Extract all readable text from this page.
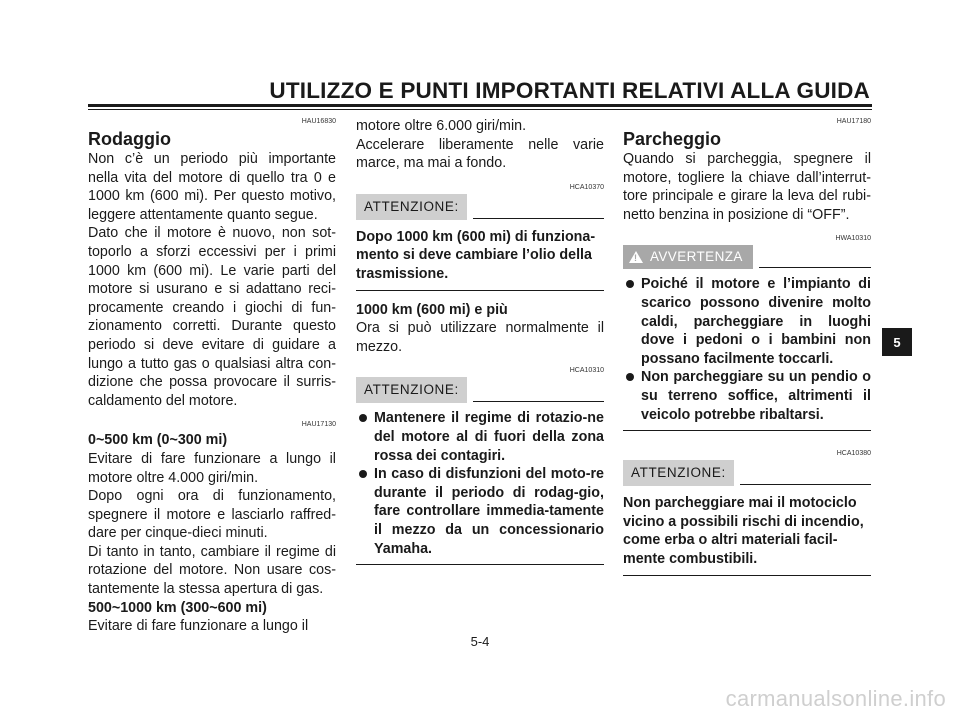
UTILIZZO E PUNTI IMPORTANTI RELATIVI ALLA GUIDA
HAU16830
Rodaggio

Non c’è un periodo più importante nella vita del motore di quello tra 0 e 1000 km (600 mi). Per questo motivo, leggere attentamente quanto segue.

Dato che il motore è nuovo, non sot-toporlo a sforzi eccessivi per i primi 1000 km (600 mi). Le varie parti del motore si usurano e si adattano reci-procamente creando i giochi di fun-zionamento corretti. Durante questo periodo si deve evitare di guidare a lungo a tutto gas o qualsiasi altra con-dizione che possa provocare il surris-caldamento del motore.

HAU17130
0~500 km (0~300 mi)

Evitare di fare funzionare a lungo il motore oltre 4.000 giri/min.

Dopo ogni ora di funzionamento, spegnere il motore e lasciarlo raffred-dare per cinque-dieci minuti.

Di tanto in tanto, cambiare il regime di rotazione del motore. Non usare cos-tantemente la stessa apertura di gas.

500~1000 km (300~600 mi)

Evitare di fare funzionare a lungo il

motore oltre 6.000 giri/min.

Accelerare liberamente nelle varie marce, ma mai a fondo.

HCA10370
ATTENZIONE:
Dopo 1000 km (600 mi) di funziona-mento si deve cambiare l’olio della trasmissione.
1000 km (600 mi) e più

Ora si può utilizzare normalmente il mezzo.

HCA10310
ATTENZIONE:
Mantenere il regime di rotazio-ne del motore al di fuori della zona rossa dei contagiri.
In caso di disfunzioni del moto-re durante il periodo di rodag-gio, fare controllare immedia-tamente il mezzo da un concessionario Yamaha.
HAU17180
Parcheggio

Quando si parcheggia, spegnere il motore, togliere la chiave dall’interrut-tore principale e girare la leva del rubi-netto benzina in posizione di “OFF”.

HWA10310
! AVVERTENZA
Poiché il motore e l’impianto di scarico possono divenire molto caldi, parcheggiare in luoghi dove i pedoni o i bambini non possano facilmente toccarli.
Non parcheggiare su un pendio o su terreno soffice, altrimenti il veicolo potrebbe ribaltarsi.
HCA10380
ATTENZIONE:
Non parcheggiare mai il motociclo vicino a possibili rischi di incendio, come erba o altri materiali facil-mente combustibili.
5
5-4
carmanualsonline.info
